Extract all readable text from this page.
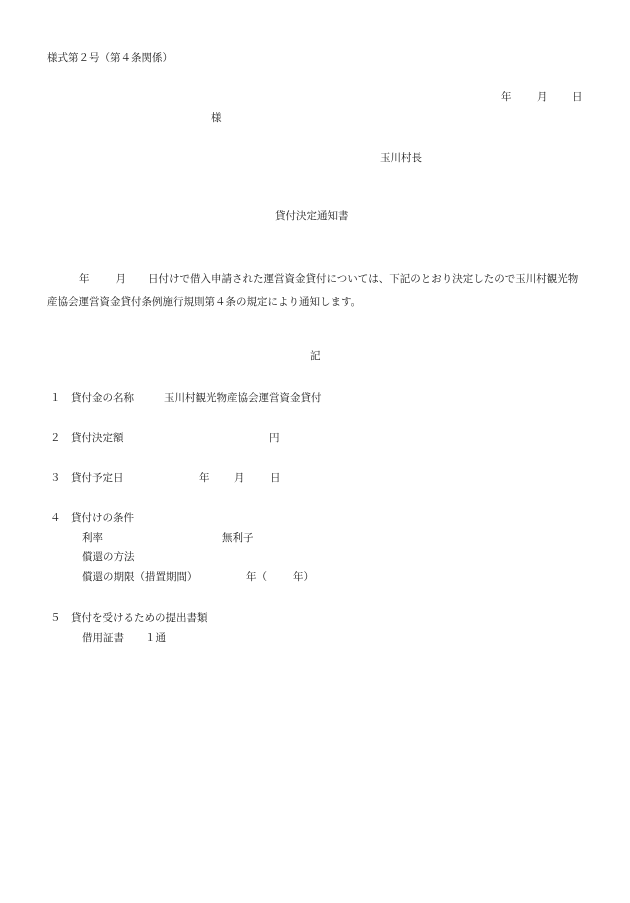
様式第２号（第４条関係）
年 月 日
様
玉川村長
貸付決定通知書
年 月 日付けで借入申請された運営資金貸付については、下記のとおり決定したので玉川村観光物産協会運営資金貸付条例施行規則第４条の規定により通知します。
記
１ 貸付金の名称	玉川村観光物産協会運営資金貸付
２ 貸付決定額	円
３ 貸付予定日	年 月 日
４ 貸付けの条件
利率	無利子
償還の方法
償還の期限（措置期間）	年（ 年）
５ 貸付を受けるための提出書類
借用証書 １通
